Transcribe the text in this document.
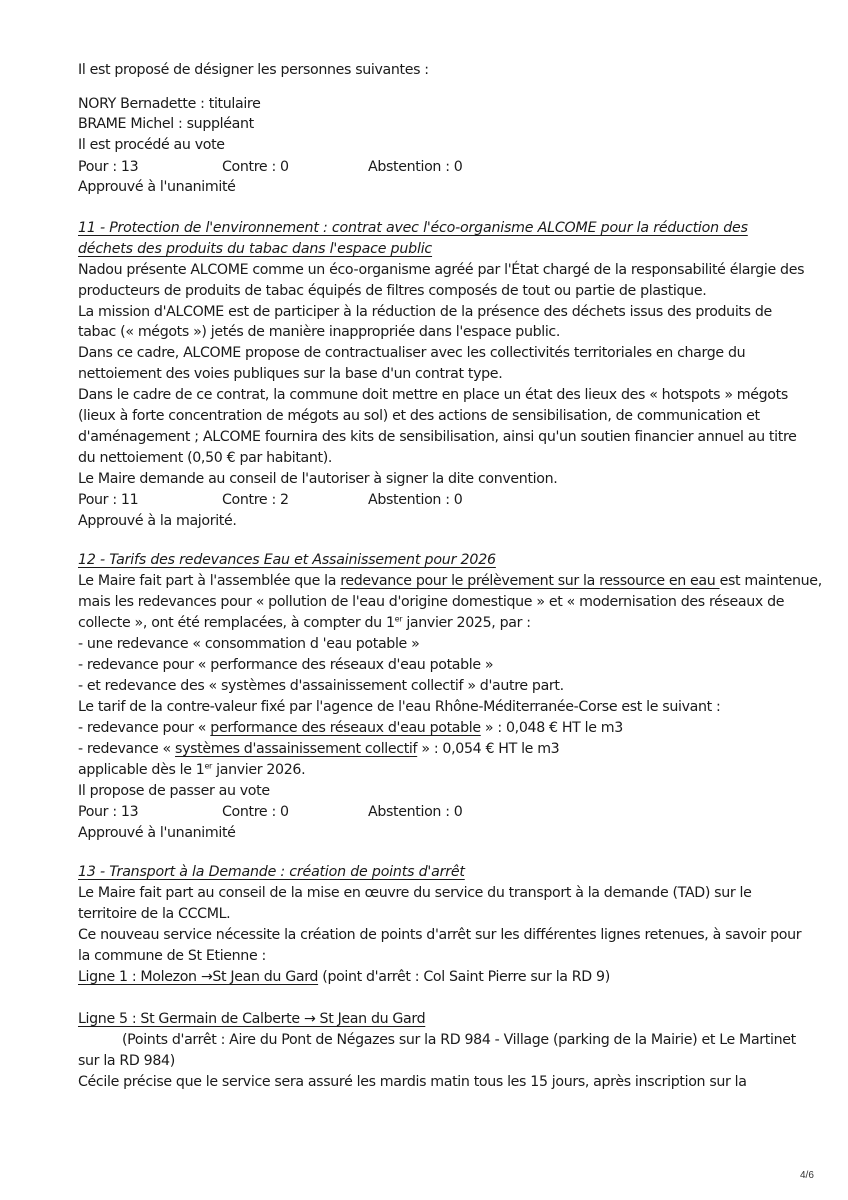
Il est proposé de désigner les personnes suivantes :
NORY Bernadette : titulaire
BRAME Michel : suppléant
Il est procédé au vote
Pour : 13	Contre : 0	Abstention : 0
Approuvé à l'unanimité
11 - Protection de l'environnement : contrat avec l'éco-organisme ALCOME pour la réduction des
déchets des produits du tabac dans l'espace public
Nadou présente ALCOME comme un éco-organisme agréé par l'État chargé de la responsabilité élargie des
producteurs de produits de tabac équipés de filtres composés de tout ou partie de plastique.
La mission d'ALCOME est de participer à la réduction de la présence des déchets issus des produits de
tabac (« mégots ») jetés de manière inappropriée dans l'espace public.
Dans ce cadre, ALCOME propose de contractualiser avec les collectivités territoriales en charge du
nettoiement des voies publiques sur la base d'un contrat type.
Dans le cadre de ce contrat, la commune doit mettre en place un état des lieux des « hotspots » mégots
(lieux à forte concentration de mégots au sol) et des actions de sensibilisation, de communication et
d'aménagement ; ALCOME fournira des kits de sensibilisation, ainsi qu'un soutien financier annuel au titre
du nettoiement (0,50 € par habitant).
Le Maire demande au conseil de l'autoriser à signer la dite convention.
Pour : 11	Contre : 2	Abstention : 0
Approuvé à la majorité.
12 - Tarifs des redevances Eau et Assainissement pour 2026
Le Maire fait part à l'assemblée que la redevance pour le prélèvement sur la ressource en eau est maintenue,
mais les redevances pour « pollution de l'eau d'origine domestique » et « modernisation des réseaux de
collecte », ont été remplacées, à compter du 1er janvier 2025, par :
- une redevance « consommation d 'eau potable »
- redevance pour « performance des réseaux d'eau potable »
- et redevance des « systèmes d'assainissement collectif » d'autre part.
Le tarif de la contre-valeur fixé par l'agence de l'eau Rhône-Méditerranée-Corse est le suivant :
- redevance pour « performance des réseaux d'eau potable » : 0,048 € HT le m3
- redevance « systèmes d'assainissement collectif » : 0,054 € HT le m3
applicable dès le 1er janvier 2026.
Il propose de passer au vote
Pour : 13	Contre : 0	Abstention : 0
Approuvé à l'unanimité
13 - Transport à la Demande : création de points d'arrêt
Le Maire fait part au conseil de la mise en œuvre du service du transport à la demande (TAD) sur le
territoire de la CCCML.
Ce nouveau service nécessite la création de points d'arrêt sur les différentes lignes retenues, à savoir pour
la commune de St Etienne :
Ligne 1 : Molezon →St Jean du Gard (point d'arrêt : Col Saint Pierre sur la RD 9)
Ligne 5 : St Germain de Calberte → St Jean du Gard
(Points d'arrêt : Aire du Pont de Négazes sur la RD 984 - Village (parking de la Mairie) et Le Martinet
sur la RD 984)
Cécile précise que le service sera assuré les mardis matin tous les 15 jours, après inscription sur la
4/6
